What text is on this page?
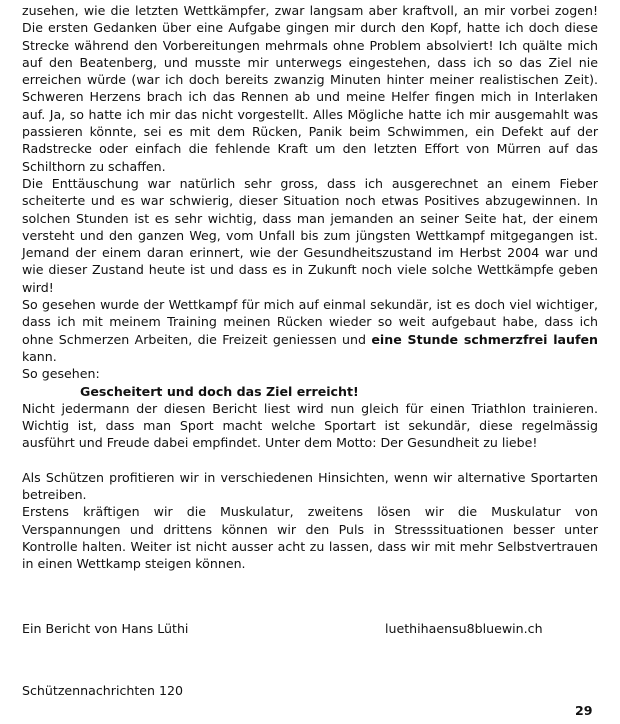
zusehen, wie die letzten Wettkämpfer, zwar langsam aber kraftvoll, an mir vorbei zogen! Die ersten Gedanken über eine Aufgabe gingen mir durch den Kopf, hatte ich doch diese Strecke während den Vorbereitungen mehrmals ohne Problem absolviert! Ich quälte mich auf den Beatenberg, und musste mir unterwegs eingestehen, dass ich so das Ziel nie erreichen würde (war ich doch bereits zwanzig Minuten hinter meiner realistischen Zeit). Schweren Herzens brach ich das Rennen ab und meine Helfer fingen mich in Interlaken auf. Ja, so hatte ich mir das nicht vorgestellt. Alles Mögliche hatte ich mir ausgemahlt was passieren könnte, sei es mit dem Rücken, Panik beim Schwimmen, ein Defekt auf der Radstrecke oder einfach die fehlende Kraft um den letzten Effort von Mürren auf das Schilthorn zu schaffen.

Die Enttäuschung war natürlich sehr gross, dass ich ausgerechnet an einem Fieber scheiterte und es war schwierig, dieser Situation noch etwas Positives abzugewinnen. In solchen Stunden ist es sehr wichtig, dass man jemanden an seiner Seite hat, der einem versteht und den ganzen Weg, vom Unfall bis zum jüngsten Wettkampf mitgegangen ist. Jemand der einem daran erinnert, wie der Gesundheitszustand im Herbst 2004 war und wie dieser Zustand heute ist und dass es in Zukunft noch viele solche Wettkämpfe geben wird!

So gesehen wurde der Wettkampf für mich auf einmal sekundär, ist es doch viel wichtiger, dass ich mit meinem Training meinen Rücken wieder so weit aufgebaut habe, dass ich ohne Schmerzen Arbeiten, die Freizeit geniessen und eine Stunde schmerzfrei laufen kann.

So gesehen:

Gescheitert und doch das Ziel erreicht!

Nicht jedermann der diesen Bericht liest wird nun gleich für einen Triathlon trainieren. Wichtig ist, dass man Sport macht welche Sportart ist sekundär, diese regelmässig ausführt und Freude dabei empfindet. Unter dem Motto: Der Gesundheit zu liebe!

Als Schützen profitieren wir in verschiedenen Hinsichten, wenn wir alternative Sportarten betreiben.

Erstens kräftigen wir die Muskulatur, zweitens lösen wir die Muskulatur von Verspannungen und drittens können wir den Puls in Stresssituationen besser unter Kontrolle halten. Weiter ist nicht ausser acht zu lassen, dass wir mit mehr Selbstvertrauen in einen Wettkamp steigen können.

Ein Bericht von Hans Lüthi	luethihaensu8bluewin.ch
Schützennachrichten 120
29
